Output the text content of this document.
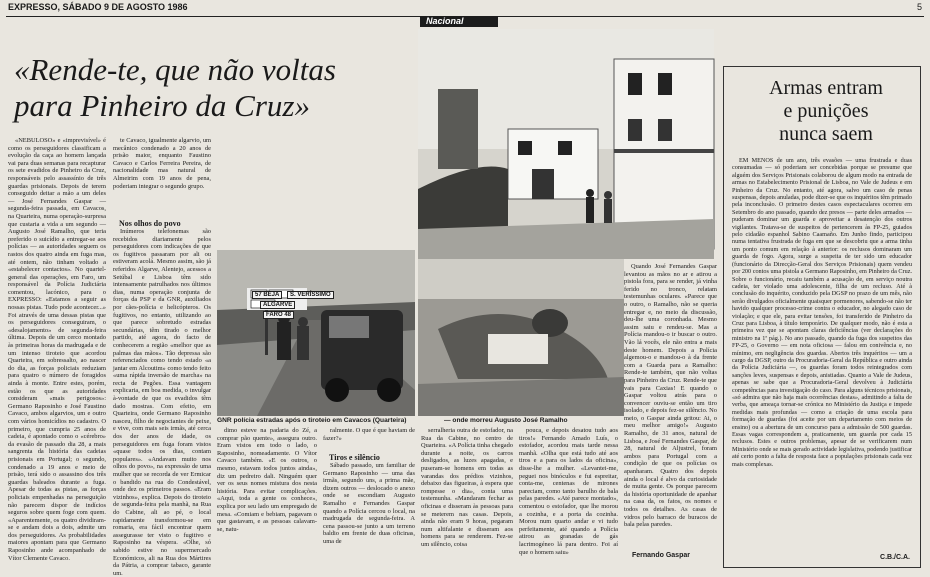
EXPRESSO, SÁBADO 9 DE AGOSTO 1986	5
Nacional

«Rende-te, que não voltas

para Pinheiro da Cruz»

«NEBULOSO» e «imprevisível» é como os perseguidores classificam a evolução da caça ao homem lançada vai para duas semanas para recapturar os sete evadidos de Pinheiro da Cruz, responsáveis pelo assassínio de três guardas prisionais. Depois de terem conseguido deitar a mão a um deles — José Fernandes Gaspar — segunda-feira passada, em Cavacos, na Quarteira, numa operação-surpresa que custaria a vida a um segundo — Augusto José Ramalho, que teria preferido o suicídio a entregar-se aos polícias — as autoridades seguem os rastos dos quatro ainda em fuga mas, até ontem, não tinham voltado a «estabelecer contactos». No quartel-general das operações, em Faro, um responsável da Polícia Judiciária comentou, lacónico, para o EXPRESSO: «Estamos a seguir as nossas pistas. Tudo pode acontecer...» Foi através de uma dessas pistas que os perseguidores conseguiram, o «desalojamento» de segunda-feira última. Depois de um cerco montado às primeiras horas da madrugada e de um intenso tiroteio que acordou Quarteira, em sobressalto, ao nascer do dia, as forças policiais reduziam para quatro o número de foragidos ainda à monte. Entre estes, porém, estão os que as autoridades consideram «mais perigosos»: Germano Raposinho e José Faustino Cavaco, ambos algarvios, um e outro com vários homicídios no cadastro. O primeiro, que cumpria 25 anos de cadeia, é apontado como o «cérebro» da evasão de passado dia 28, a mais sangrenta da história das cadeias prisionais em Portugal; o segundo, condenado a 19 anos e meio de prisão, terá sido o assassino dos três guardas baleados durante a fuga. Apesar de todas as pistas, as forças policiais empenhadas na perseguição não parecem dispor de indícios seguros sobre quem foge com quem. «Aparentemente, os quatro dividiram-se e andam dois a dois, admite um dos perseguidores. As probabilidades maiores apontam para que Germano Raposinho ande acompanhado de Vítor Clemente Cavaco.

te Cavaco, igualmente algarvio, um mecânico condenado a 20 anos de prisão maior, enquanto Faustino Cavaco e Carlos Ferreira Pereira, de nacionalidade mas natural de Almeirim com 19 anos de pena, poderiam integrar o segundo grupo.

Nos olhos do povo

Inúmeros telefonemas são recebidos diariamente pelos perseguidores com indicações de que os fugitivos passaram por ali ou estiveram acolá. Mesmo assim, são já referidos Algarve, Alentejo, acessos a Setúbal e Lisboa têm sido intensamente patrulhados nos últimos dias, numa operação conjunta de forças da PSP e da GNR, auxiliados por cães-polícia e helicópteros. Os fugitivos, no entanto, utilizando ao que parece sobretudo estradas secundárias, têm tirado o melhor partido, até agora, do facto de conhecerem a região «melhor que as palmas das mãos». Tão depressa são referenciados como tendo estado «a jantar em Alcoutim» como tendo feito «uma rápida inversão de marcha» na recta de Pegões. Essa vantagem explicaria, em boa medida, o invulgar à-vontade de que os evadidos têm dado mostras. Com efeito, em Quarteira, onde Germano Raposinho nasceu, filho de negociantes de peixe, e vive, com mais seis irmãs, até cerca dos der anos de idade, os perseguidores em fuga foram vistos «quase todos os dias, contam populares». «Andavam muito nos olhos do povo», na expressão de uma mulher que se recorda de ver Ermicar o bandido na rua do Condestável, onde dez os primeiros passos. «Eram vizinhos», explica. Depois do tiroteio de segunda-feira pela manhã, na Rua do Cabine, ali ao pé, o local rapidamente transformou-se em romaria, era fácil encontrar quem assegurasse ter visto o fugitivo e Raposinho na véspera. «Olhe, só sabido estive no supermercado Económicos, ali na Rua dos Mártires da Pátria, a comprar tabaco, garante um.

57 BEJA	S. VERÍSSIMO
ALGARVE
FARO 48
GNR polícia estradas após o tiroteio em Cavacos (Quarteira)	— onde morreu Augusto José Ramalho

dimo esteve na padaria do Zé, a comprar pão quente», assegura outro. Eram vistos em todo o lado, o Raposinho, nomeadamente. O Vítor Cavaco também. «E os outros, o mesmo, estavam todos juntos ainda», diz um pedreiro dali. Ninguém quer ver os seus nomes mistura dos nesta história. Para evitar complicações. «Aqui, toda a gente os conhece», explica por seu lado um empregado de mesa. «Comiam e bebiam, pagavam o que gastavam, e as pessoas calavam-se, natu-

ralmente. O que é que haviam de fazer?»

Tiros e silêncio

Sábado passado, um familiar de Germano Raposinho — uma das irmãs, segundo uns, a prima mãe, dizem outros — deslocado o anexo onde se escondiam Augusto Ramalho e Fernandes Gaspar quando a Polícia cercou o local, na madrugada de segunda-feira. A cena passou-se junto a um terreno baldio em frente de duas oficinas, uma de

serralheria outra de estofador, na Rua da Cabine, no centro de Quarteira. «A Polícia tinha chegado durante a noite, os carros desligados, as luzes apagadas, e puseram-se homens em todas as varandas dos prédios vizinhos, debaixo das figueiras, à espera que rompesse o dia», conta uma testemunha. «Mandaram fechar as oficinas e disseram às pessoas para se meterem nas casas. Depois, ainda não eram 9 horas, pegaram num altifalante e disseram aos homens para se renderem. Fez-se um silêncio, coisa

pouca, e depois desatou tudo aos tiros!» Fernando Amado Luís, o estofador, acordou mais tarde nessa manhã. «Olha que está tudo até aos tiros e a para os lados da oficina», disse-lhe a mulher. «Levantei-me, peguei nos binóculos e fui espreitar, conta-me, centenas de mirones pareciam, como tanto barulho de bala pelas paredes. «Até parece montado», comentou o estofador, que lhe morou a cozinha, e a porta da cozinha. Morou num quarto andar e vi tudo perfeitamente, até quando a Polícia atirou as granadas de gás lacrimogéneo lá para dentro. Foi aí que o homem saiu»

Quando José Fernandes Gaspar levantou as mãos no ar e atirou a pistola fora, para se render, já vinha ferido no tronco, relatam testemunhas oculares. «Parece que o outro, o Ramalho, não se queria entregar e, no meio da discussão, deu-lhe uma coronhada. Mesmo assim saiu e rendeu-se. Mas a Polícia mandou-o ir buscar o outro. Vão lá vocês, ele não entra a mais deste homem. Depois a Polícia algemou-o e mandou-o à da frente com a Guarda para a Ramalho: Rende-te também, que não voltas para Pinheiro da Cruz. Rende-te que vais para Caxias! E quando o Gaspar voltou atrás para o convencer ouviu-se então um tiro isolado, e depois fez-se silêncio. No meio, o Gaspar ainda gritou: Ai, o meu melhor amigo!» Augusto Ramalho, de 31 anos, natural de Lisboa, e José Fernandes Gaspar, de 28, natural de Aljustrel, foram ambos para Portugal com a condição de que os polícias os apanharam. Quatro dos depois ainda o local é alvo da curiosidade de muita gente. Os porque parecem da história oportunidade de apanhar na casa da, os fatos, os nomes e todos os detalhes. As casas de vidros pelo barraco de buracos de bala pelas paredes.

Fernando Gaspar

Armas entram

e punições

nunca saem

EM MENOS de um ano, três evasões — uma frustrada e duas consumadas — só poderiam ser concebidas porque se presume que alguém dos Serviços Prisionais colaborou de algum modo na entrada de armas no Estabelecimento Prisional de Lisboa, no Vale de Judeus e em Pinheiro da Cruz. No entanto, até agora, salvo um caso de penas suspensas, depois anuladas, pode dizer-se que os inquéritos têm primado pela inconclusão. O primeiro destes casos espectaculares ocorreu em Setembro do ano passado, quando dez presos — parte deles armados — puderam dominar um guarda e aproveitar a desatenção dos outros vigilantes. Tratava-se de suspeitos de pertencerem às FP-25, guiados pelo cidadão espanhol Sabino Caamaño. Em Junho findo, participou numa tentativa frustrada de fuga em que se descobriu que a arma tinha um ponto comum em relação à anterior: os reclusos dominaram um guarda de fogo. Agora, surge a suspeita de ter sido um educador (funcionário da Direcção-Geral dos Serviços Prisionais) quem vendeu por 200 contos uma pistola a Germano Raposinho, em Pinheiro da Cruz. Sobre o funcionário, recaiu também a acusação de, em serviço noutra cadeia, ter violado uma adolescente, filha de um recluso. Até à conclusão do inquérito, conduzido pela DGSP no prazo de um mês, não serão divulgados oficialmente quaisquer pormenores, sabendo-se não ter havido qualquer processo-crime contra o educador, no alegado caso de violação; e que ele, para evitar tensões, foi transferido de Pinheiro da Cruz para Lisboa, à título temporário. De qualquer modo, não é esta a primeira vez que se apontam claras deficiências (ver declarações do ministro na 1ª pág.). No ano passado, quando da fuga dos suspeitos das FP-25, o Governo — em nota oficiosa — falou em conivência e, no mínimo, em negligência dos guardas. Abertos três inquéritos — um a cargo da DGSP, outro da Procuradoria-Geral da República e outro ainda da Polícia Judiciária —, os guardas foram todos reintegrados com sanções leves, suspensas e depois, anistiadas. Quanto a Vale de Judeus, apenas se sabe que a Procuradoria-Geral devolveu à Judiciária competências para investigação do caso. Para alguns técnicos prisionais, «só admira que não haja mais ocorrências destas», admitindo a falta de verba, que ameaça tornar-se crónica no Ministério da Justiça e impede medidas mais profundas — como a criação de uma escola para formação de guardas (foi aceite por um departamento com meios de ensino) ou a abertura de um concurso para a admissão de 500 guardas. Essas vagas correspondem a, praticamente, um guarda por cada 15 reclusos. Estes e outros problemas, apesar de se verificarem num Ministério onde se mais gerado actividade legislativa, podendo justificar até certo ponto a falta de resposta face a populações prisionais cada vez mais complexas.

C.B./C.A.
